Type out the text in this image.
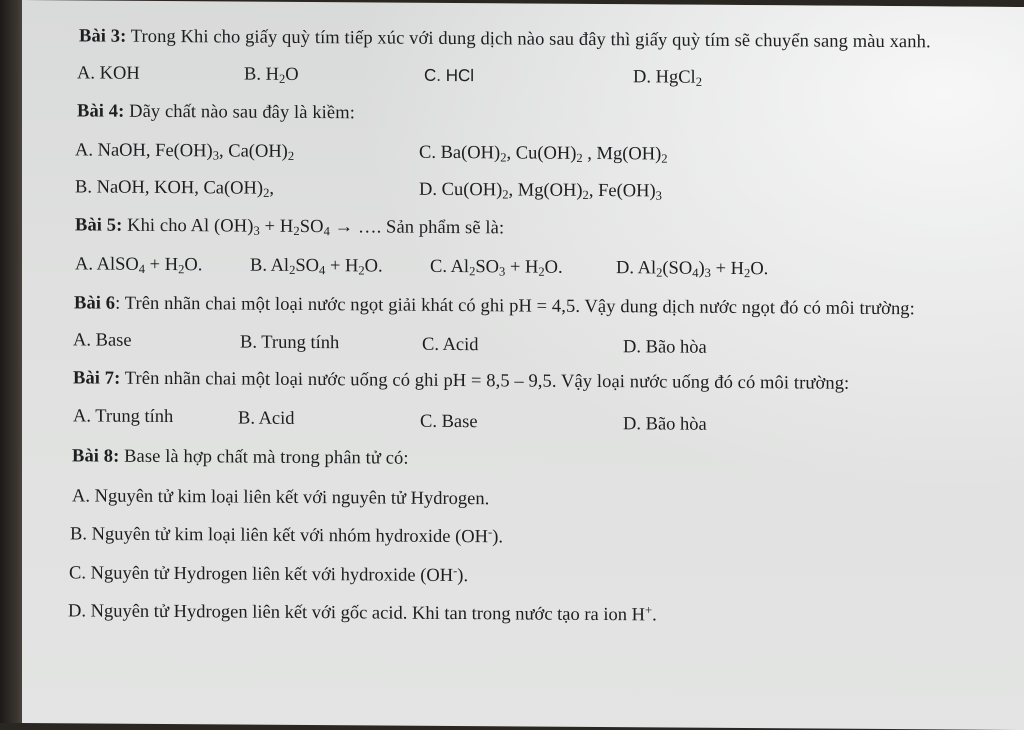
Bài 3: Trong Khi cho giấy quỳ tím tiếp xúc với dung dịch nào sau đây thì giấy quỳ tím sẽ chuyển sang màu xanh.
A. KOH	B. $H_2O$	C. HCl	D. HgCl$_2$
Bài 4: Dãy chất nào sau đây là kiềm:
A. NaOH, $Fe(OH)_3$, $Ca(OH)_2$	C. $Ba(OH)_2$, $Cu(OH)_2$ , $Mg(OH)_2$
B. NaOH, KOH, $Ca(OH)_2$,	D. $Cu(OH)_2$, $Mg(OH)_2$, $Fe(OH)_3$
Bài 5: Khi cho Al $(OH)_3 + H_2SO_4$ → …. Sản phẩm sẽ là:
A. AlSO$_4$ + $H_2O$.	B. $Al_2SO_4 + H_2O$.	C. $Al_2SO_3 + H_2O$.	D. $Al_2(SO_4)_3 + H_2O$.
Bài 6: Trên nhãn chai một loại nước ngọt giải khát có ghi pH = 4,5. Vậy dung dịch nước ngọt đó có môi trường:
A. Base	B. Trung tính	C. Acid	D. Bão hòa
Bài 7: Trên nhãn chai một loại nước uống có ghi pH = 8,5 – 9,5. Vậy loại nước uống đó có môi trường:
A. Trung tính	B. Acid	C. Base	D. Bão hòa
Bài 8: Base là hợp chất mà trong phân tử có:
A. Nguyên tử kim loại liên kết với nguyên tử Hydrogen.
B. Nguyên tử kim loại liên kết với nhóm hydroxide (OH-).
C. Nguyên tử Hydrogen liên kết với hydroxide (OH-).
D. Nguyên tử Hydrogen liên kết với gốc acid. Khi tan trong nước tạo ra ion H+.
